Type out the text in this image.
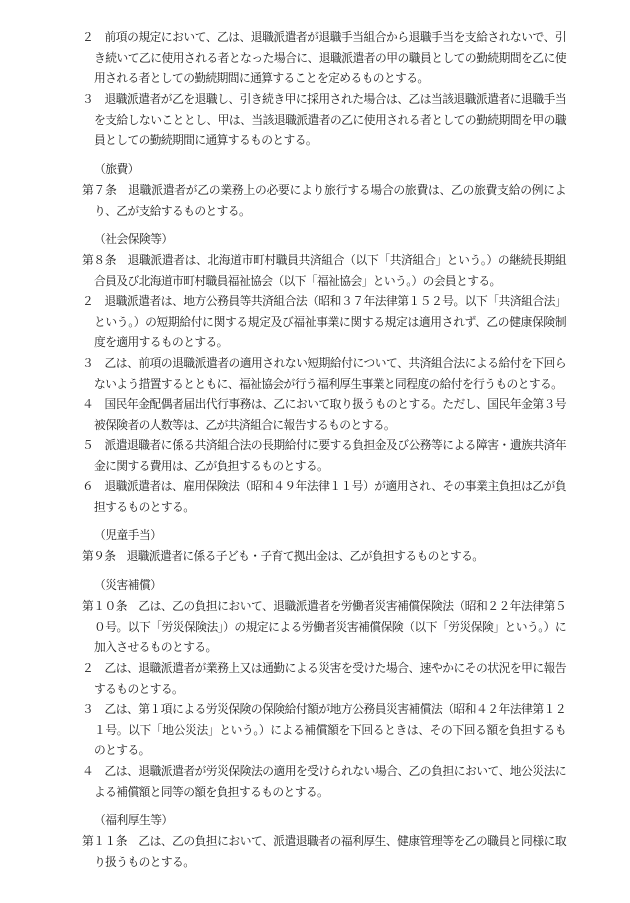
２　前項の規定において、乙は、退職派遣者が退職手当組合から退職手当を支給されないで、引き続いて乙に使用される者となった場合に、退職派遣者の甲の職員としての勤続期間を乙に使用される者としての勤続期間に通算することを定めるものとする。

３　退職派遣者が乙を退職し、引き続き甲に採用された場合は、乙は当該退職派遣者に退職手当を支給しないこととし、甲は、当該退職派遣者の乙に使用される者としての勤続期間を甲の職員としての勤続期間に通算するものとする。

（旅費）

第７条　退職派遣者が乙の業務上の必要により旅行する場合の旅費は、乙の旅費支給の例により、乙が支給するものとする。

（社会保険等）

第８条　退職派遣者は、北海道市町村職員共済組合（以下「共済組合」という。）の継続長期組合員及び北海道市町村職員福祉協会（以下「福祉協会」という。）の会員とする。

２　退職派遣者は、地方公務員等共済組合法（昭和３７年法律第１５２号。以下「共済組合法」という。）の短期給付に関する規定及び福祉事業に関する規定は適用されず、乙の健康保険制度を適用するものとする。

３　乙は、前項の退職派遣者の適用されない短期給付について、共済組合法による給付を下回らないよう措置するとともに、福祉協会が行う福利厚生事業と同程度の給付を行うものとする。

４　国民年金配偶者届出代行事務は、乙において取り扱うものとする。ただし、国民年金第３号被保険者の人数等は、乙が共済組合に報告するものとする。

５　派遣退職者に係る共済組合法の長期給付に要する負担金及び公務等による障害・遺族共済年金に関する費用は、乙が負担するものとする。

６　退職派遣者は、雇用保険法（昭和４９年法律１１号）が適用され、その事業主負担は乙が負担するものとする。

（児童手当）

第９条　退職派遣者に係る子ども・子育て拠出金は、乙が負担するものとする。

（災害補償）

第１０条　乙は、乙の負担において、退職派遣者を労働者災害補償保険法（昭和２２年法律第５０号。以下「労災保険法」）の規定による労働者災害補償保険（以下「労災保険」という。）に加入させるものとする。

２　乙は、退職派遣者が業務上又は通勤による災害を受けた場合、速やかにその状況を甲に報告するものとする。

３　乙は、第１項による労災保険の保険給付額が地方公務員災害補償法（昭和４２年法律第１２１号。以下「地公災法」という。）による補償額を下回るときは、その下回る額を負担するものとする。

４　乙は、退職派遣者が労災保険法の適用を受けられない場合、乙の負担において、地公災法による補償額と同等の額を負担するものとする。

（福利厚生等）

第１１条　乙は、乙の負担において、派遣退職者の福利厚生、健康管理等を乙の職員と同様に取り扱うものとする。
